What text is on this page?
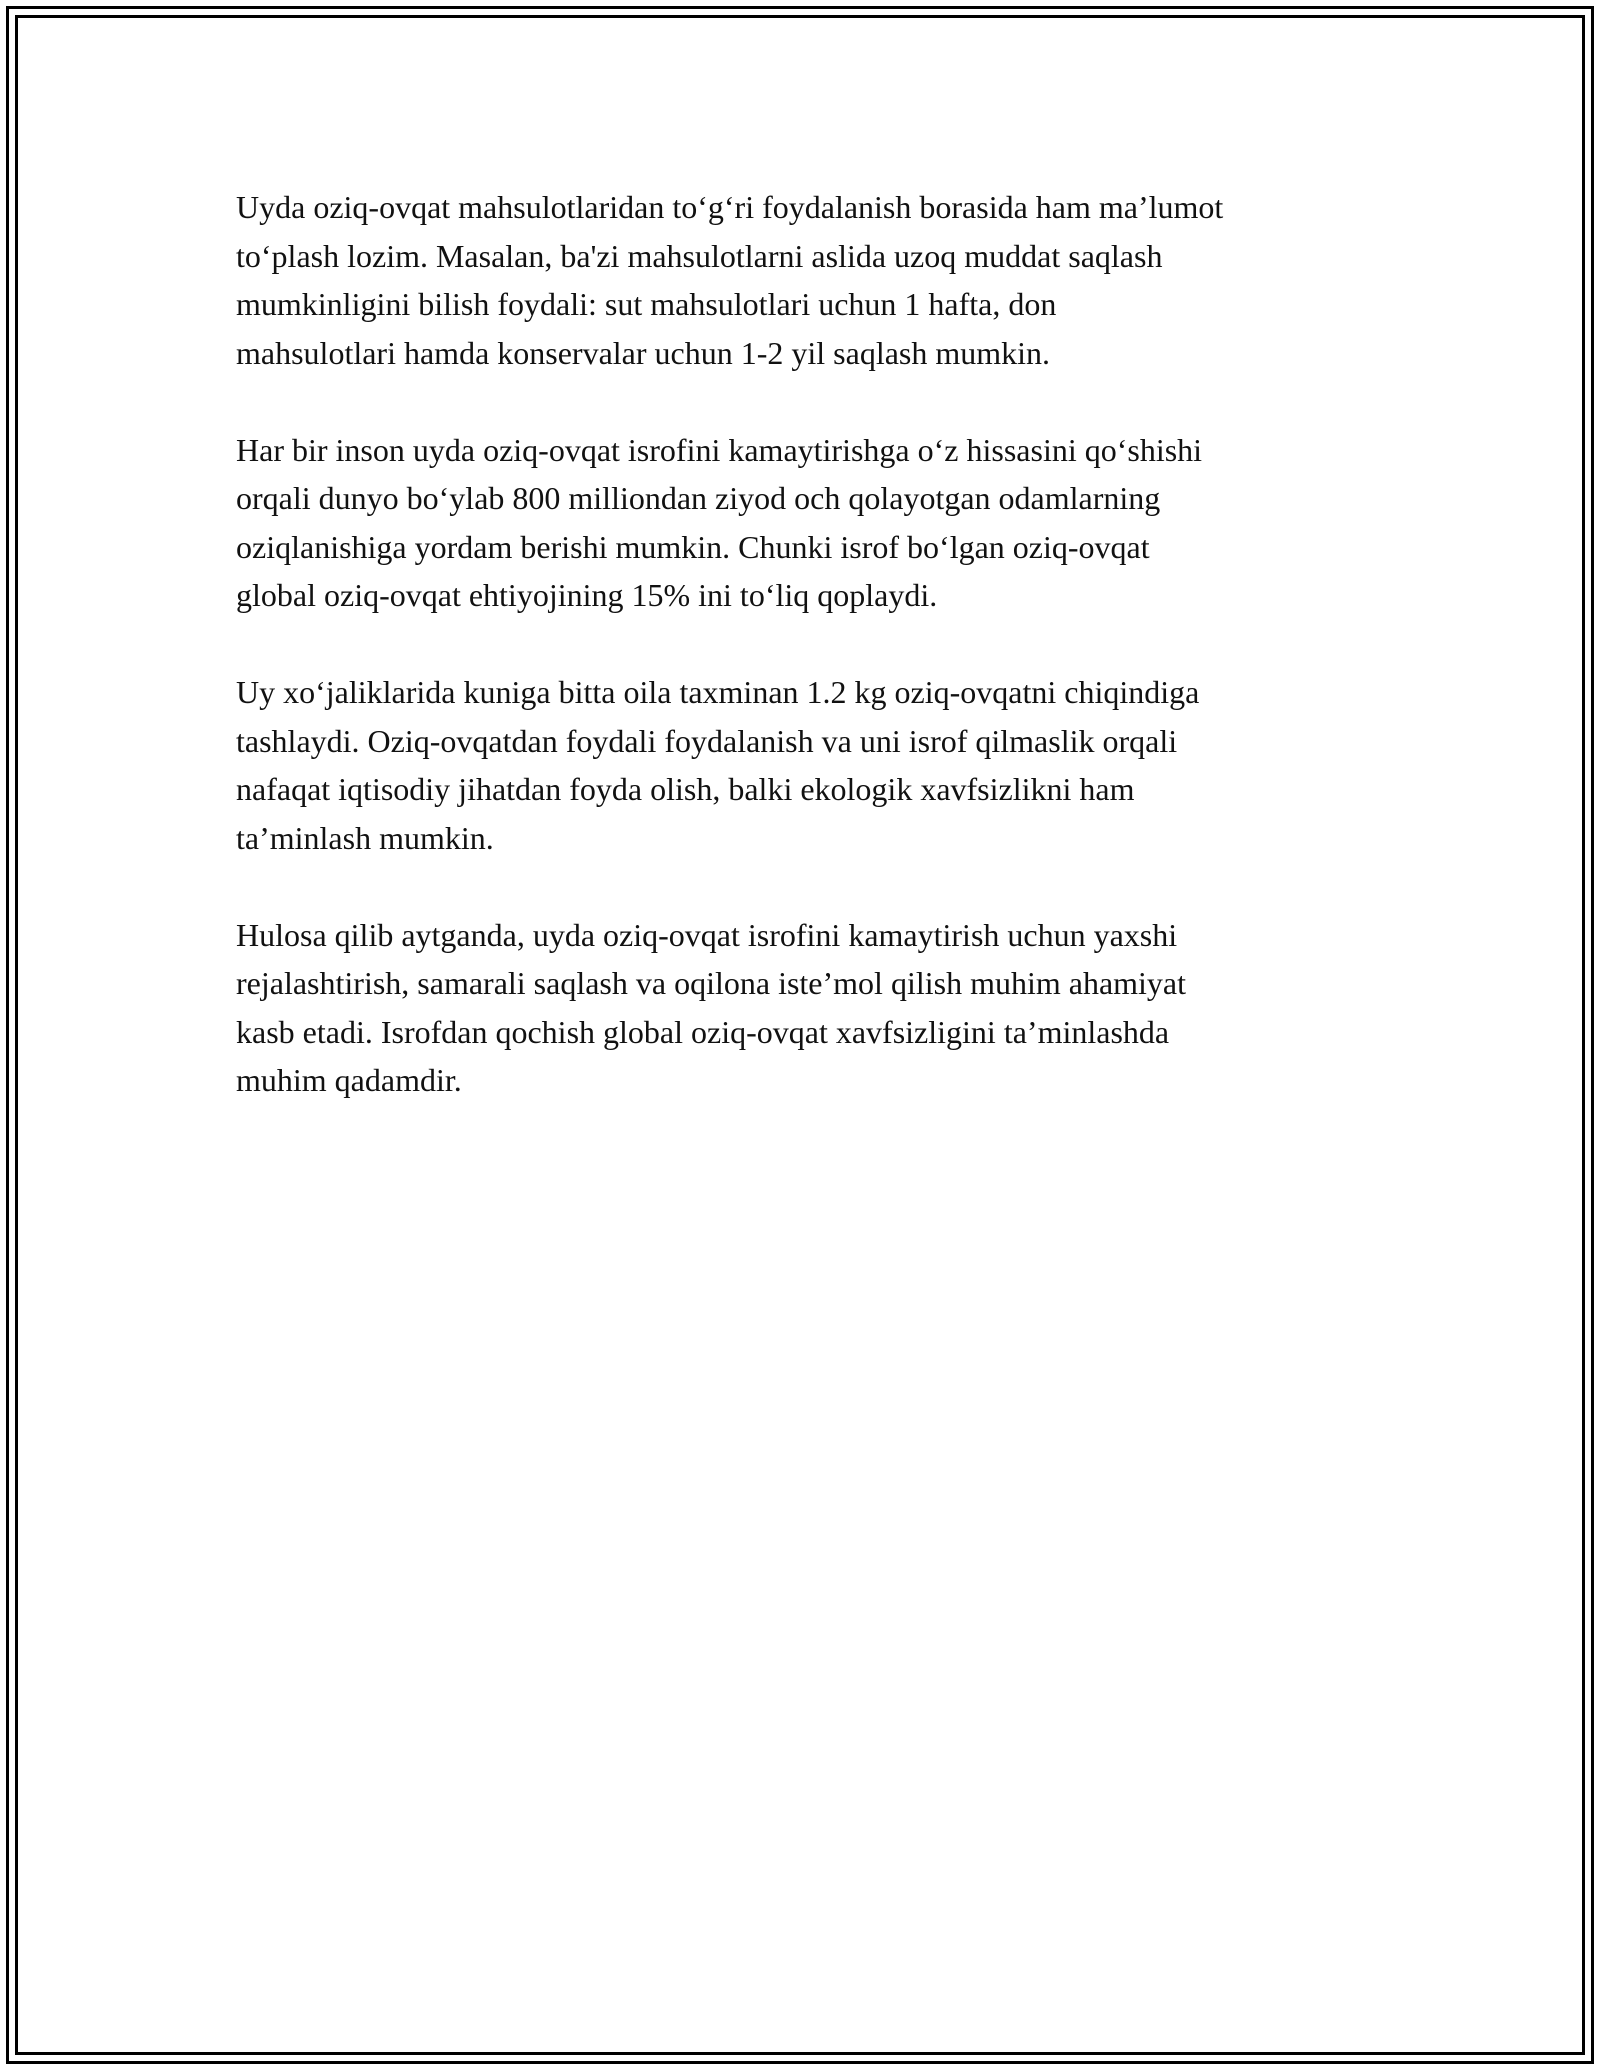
Uyda oziq-ovqat mahsulotlaridan to‘g‘ri foydalanish borasida ham ma’lumot
to‘plash lozim. Masalan, ba'zi mahsulotlarni aslida uzoq muddat saqlash
mumkinligini bilish foydali: sut mahsulotlari uchun 1 hafta, don
mahsulotlari hamda konservalar uchun 1-2 yil saqlash mumkin.

Har bir inson uyda oziq-ovqat isrofini kamaytirishga o‘z hissasini qo‘shishi
orqali dunyo bo‘ylab 800 milliondan ziyod och qolayotgan odamlarning
oziqlanishiga yordam berishi mumkin. Chunki isrof bo‘lgan oziq-ovqat
global oziq-ovqat ehtiyojining 15% ini to‘liq qoplaydi.

Uy xo‘jaliklarida kuniga bitta oila taxminan 1.2 kg oziq-ovqatni chiqindiga
tashlaydi. Oziq-ovqatdan foydali foydalanish va uni isrof qilmaslik orqali
nafaqat iqtisodiy jihatdan foyda olish, balki ekologik xavfsizlikni ham
ta’minlash mumkin.

Hulosa qilib aytganda, uyda oziq-ovqat isrofini kamaytirish uchun yaxshi
rejalashtirish, samarali saqlash va oqilona iste’mol qilish muhim ahamiyat
kasb etadi. Isrofdan qochish global oziq-ovqat xavfsizligini ta’minlashda
muhim qadamdir.
